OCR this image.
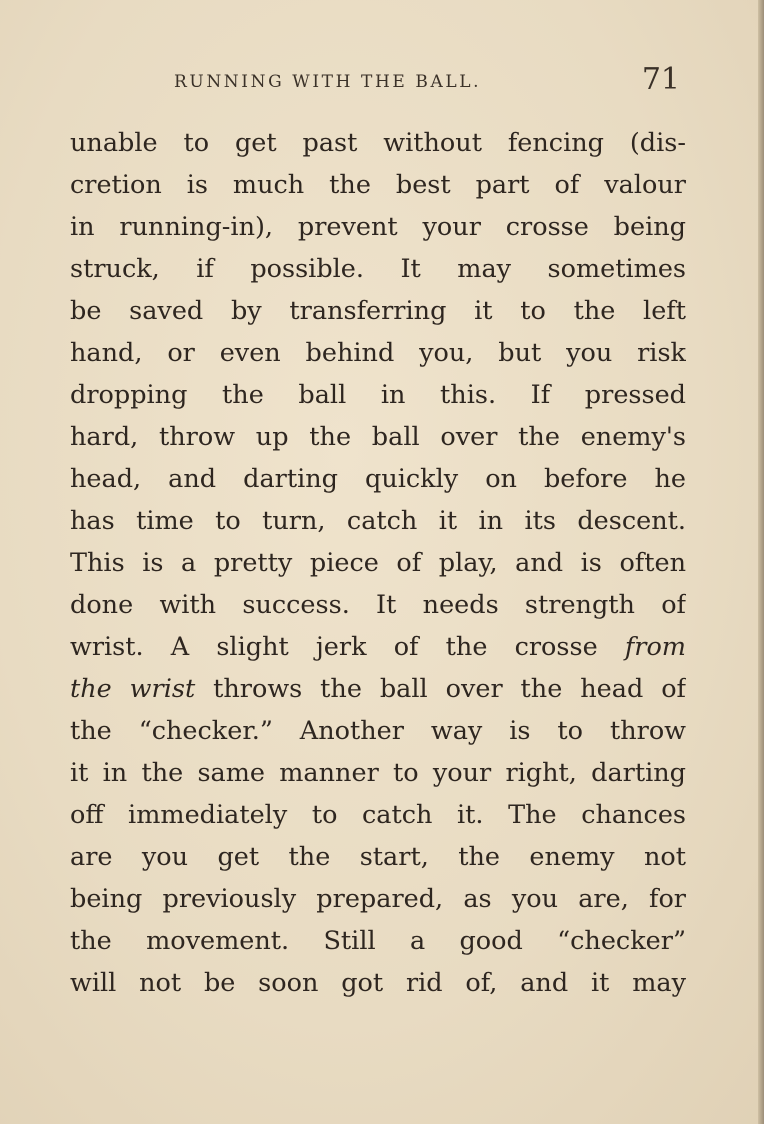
RUNNING WITH THE BALL.	71
unable to get past without fencing (dis-
cretion is much the best part of valour
in running-in), prevent your crosse being
struck, if possible. It may sometimes
be saved by transferring it to the left
hand, or even behind you, but you risk
dropping the ball in this. If pressed
hard, throw up the ball over the enemy's
head, and darting quickly on before he
has time to turn, catch it in its descent.
This is a pretty piece of play, and is often
done with success. It needs strength of
wrist. A slight jerk of the crosse from
the wrist throws the ball over the head of
the “checker.” Another way is to throw
it in the same manner to your right, darting
off immediately to catch it. The chances
are you get the start, the enemy not
being previously prepared, as you are, for
the movement. Still a good “checker”
will not be soon got rid of, and it may
